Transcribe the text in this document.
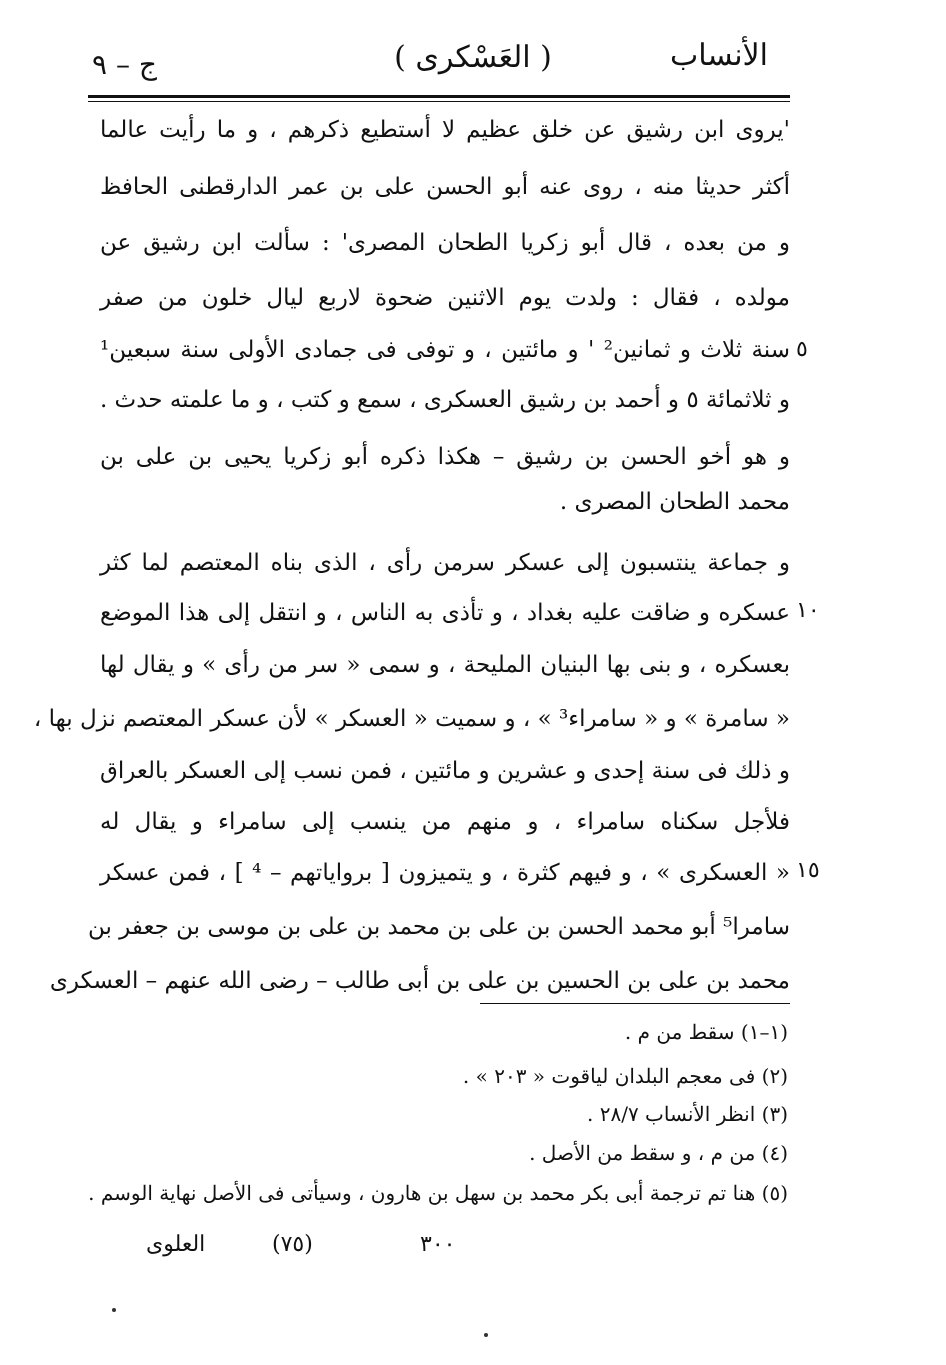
الأنساب
( العَسْكرى )
ج – ٩
'يروى ابن رشيق عن خلق عظيم لا أستطيع ذكرهم ، و ما رأيت عالما
أكثر حديثا منه ، روى عنه أبو الحسن على بن عمر الدارقطنى الحافظ
و من بعده ، قال أبو زكريا الطحان المصرى' : سألت ابن رشيق عن
مولده ، فقال : ولدت يوم الاثنين ضحوة لاربع ليال خلون من صفر
سنة ثلاث و ثمانين² ' و مائتين ، و توفى فى جمادى الأولى سنة سبعين¹
و ثلاثمائة ٥ و أحمد بن رشيق العسكرى ، سمع و كتب ، و ما علمته حدث .
و هو أخو الحسن بن رشيق – هكذا ذكره أبو زكريا يحيى بن على بن
محمد الطحان المصرى .
و جماعة ينتسبون إلى عسكر سرمن رأى ، الذى بناه المعتصم لما كثر
عسكره و ضاقت عليه بغداد ، و تأذى به الناس ، و انتقل إلى هذا الموضع
بعسكره ، و بنى بها البنيان المليحة ، و سمى « سر من رأى » و يقال لها
« سامرة » و « سامراء³ » ، و سميت « العسكر » لأن عسكر المعتصم نزل بها ،
و ذلك فى سنة إحدى و عشرين و مائتين ، فمن نسب إلى العسكر بالعراق
فلأجل سكناه سامراء ، و منهم من ينسب إلى سامراء و يقال له
« العسكرى » ، و فيهم كثرة ، و يتميزون [ برواياتهم – ⁴ ] ، فمن عسكر
سامرا⁵ أبو محمد الحسن بن على بن محمد بن على بن موسى بن جعفر بن
محمد بن على بن الحسين بن على بن أبى طالب – رضى الله عنهم – العسكرى
٥
١٠
١٥
(١–١) سقط من م .
(٢) فى معجم البلدان لياقوت « ٢٠٣ » .
(٣) انظر الأنساب ٢٨/٧ .
(٤) من م ، و سقط من الأصل .
(٥) هنا تم ترجمة أبى بكر محمد بن سهل بن هارون ، وسيأتى فى الأصل نهاية الوسم .
٣٠٠
(٧٥)
العلوى
